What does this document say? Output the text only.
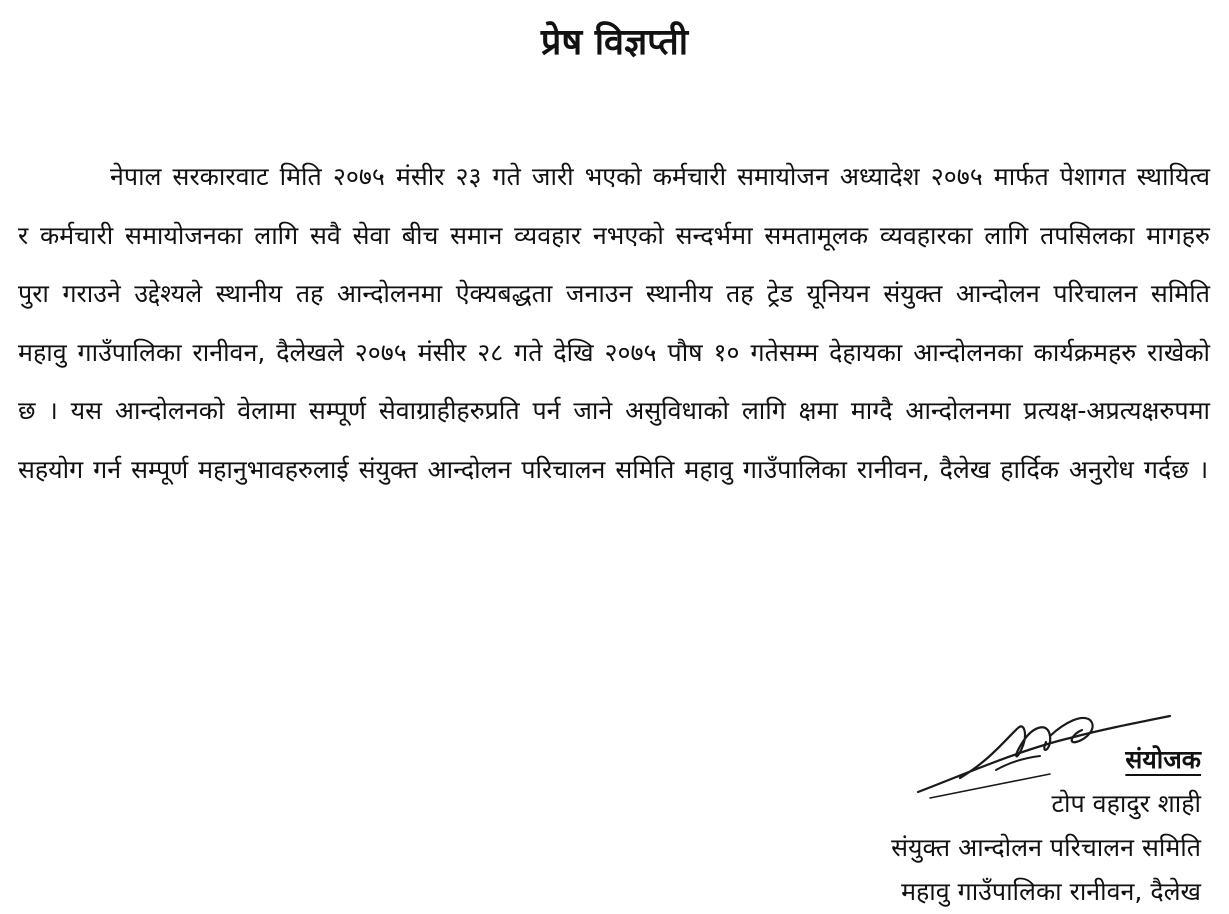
प्रेष विज्ञप्ती

नेपाल सरकारवाट मिति २०७५ मंसीर २३ गते जारी भएको कर्मचारी समायोजन अध्यादेश २०७५ मार्फत पेशागत स्थायित्व र कर्मचारी समायोजनका लागि सवै सेवा बीच समान व्यवहार नभएको सन्दर्भमा समतामूलक व्यवहारका लागि तपसिलका मागहरु पुरा गराउने उद्देश्यले स्थानीय तह आन्दोलनमा ऐक्यबद्धता जनाउन स्थानीय तह ट्रेड यूनियन संयुक्त आन्दोलन परिचालन समिति महावु गाउँपालिका रानीवन, दैलेखले २०७५ मंसीर २८ गते देखि २०७५ पौष १० गतेसम्म देहायका आन्दोलनका कार्यक्रमहरु राखेको छ । यस आन्दोलनको वेलामा सम्पूर्ण सेवाग्राहीहरुप्रति पर्न जाने असुविधाको लागि क्षमा माग्दै आन्दोलनमा प्रत्यक्ष-अप्रत्यक्षरुपमा सहयोग गर्न सम्पूर्ण महानुभावहरुलाई संयुक्त आन्दोलन परिचालन समिति महावु गाउँपालिका रानीवन, दैलेख हार्दिक अनुरोध गर्दछ ।

संयोजक
टोप वहादुर शाही
संयुक्त आन्दोलन परिचालन समिति
महावु गाउँपालिका रानीवन, दैलेख
